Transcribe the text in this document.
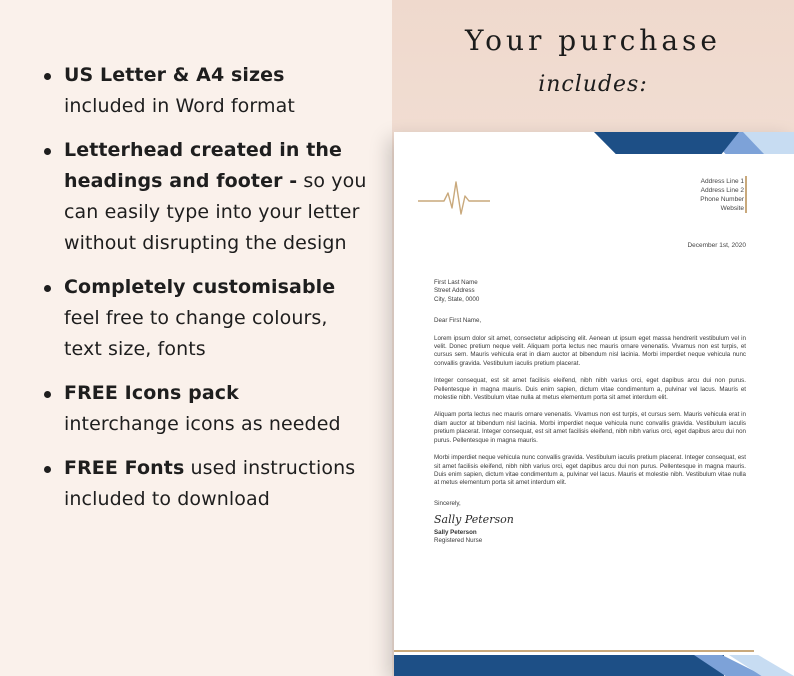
US Letter & A4 sizes
included in Word format
Letterhead created in the
headings and footer - so you
can easily type into your letter
without disrupting the design
Completely customisable
feel free to change colours,
text size, fonts
FREE Icons pack
interchange icons as needed
FREE Fonts used instructions
included to download
Your purchase
includes:
Address Line 1
Address Line 2
Phone Number
Website
December 1st, 2020
First Last Name
Street Address
City, State, 0000
Dear First Name,
Lorem ipsum dolor sit amet, consectetur adipiscing elit. Aenean ut ipsum eget massa hendrerit vestibulum vel in velit. Donec pretium neque velit. Aliquam porta lectus nec mauris ornare venenatis. Vivamus non est turpis, et cursus sem. Mauris vehicula erat in diam auctor at bibendum nisl lacinia. Morbi imperdiet neque vehicula nunc convallis gravida. Vestibulum iaculis pretium placerat.
Integer consequat, est sit amet facilisis eleifend, nibh nibh varius orci, eget dapibus arcu dui non purus. Pellentesque in magna mauris. Duis enim sapien, dictum vitae condimentum a, pulvinar vel lacus. Mauris et molestie nibh. Vestibulum vitae nulla at metus elementum porta sit amet interdum elit.
Aliquam porta lectus nec mauris ornare venenatis. Vivamus non est turpis, et cursus sem. Mauris vehicula erat in diam auctor at bibendum nisl lacinia. Morbi imperdiet neque vehicula nunc convallis gravida. Vestibulum iaculis pretium placerat. Integer consequat, est sit amet facilisis eleifend, nibh nibh varius orci, eget dapibus arcu dui non purus. Pellentesque in magna mauris.
Morbi imperdiet neque vehicula nunc convallis gravida. Vestibulum iaculis pretium placerat. Integer consequat, est sit amet facilisis eleifend, nibh nibh varius orci, eget dapibus arcu dui non purus. Pellentesque in magna mauris. Duis enim sapien, dictum vitae condimentum a, pulvinar vel lacus. Mauris et molestie nibh. Vestibulum vitae nulla at metus elementum porta sit amet interdum elit.
Sincerely,
Sally Peterson
Sally Peterson
Registered Nurse
